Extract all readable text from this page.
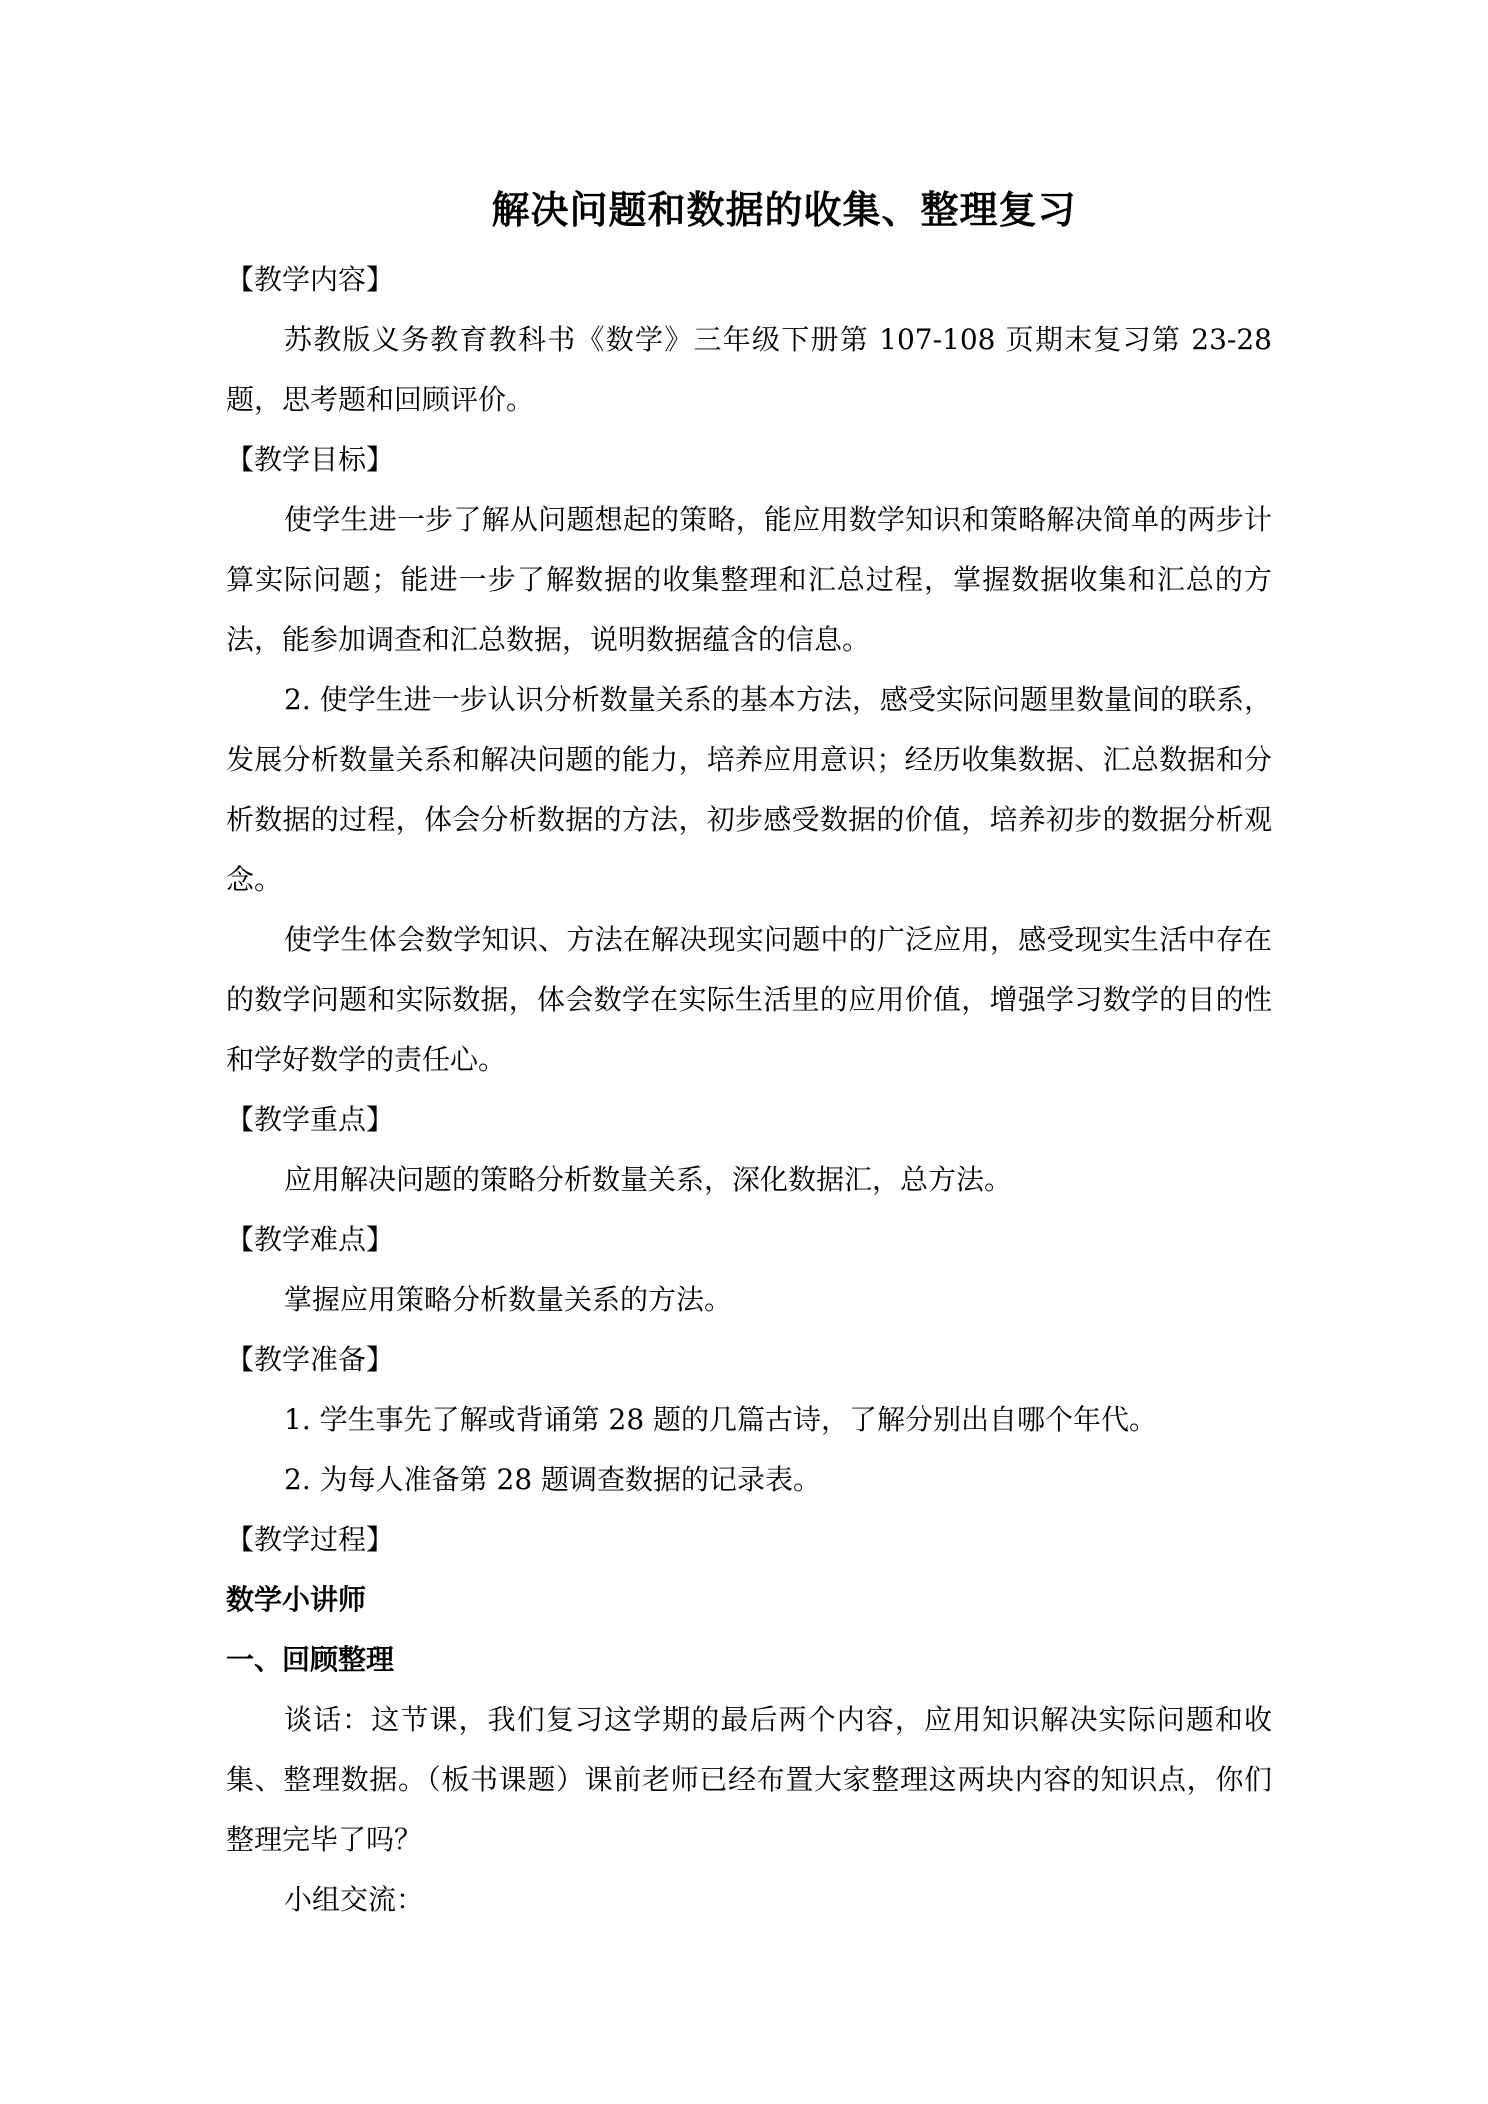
解决问题和数据的收集、整理复习

【教学内容】

苏教版义务教育教科书《数学》三年级下册第 107-108 页期末复习第 23-28 题，思考题和回顾评价。

【教学目标】

使学生进一步了解从问题想起的策略，能应用数学知识和策略解决简单的两步计算实际问题；能进一步了解数据的收集整理和汇总过程，掌握数据收集和汇总的方法，能参加调查和汇总数据，说明数据蕴含的信息。

2. 使学生进一步认识分析数量关系的基本方法，感受实际问题里数量间的联系，发展分析数量关系和解决问题的能力，培养应用意识；经历收集数据、汇总数据和分析数据的过程，体会分析数据的方法，初步感受数据的价值，培养初步的数据分析观念。

使学生体会数学知识、方法在解决现实问题中的广泛应用，感受现实生活中存在的数学问题和实际数据，体会数学在实际生活里的应用价值，增强学习数学的目的性和学好数学的责任心。

【教学重点】

应用解决问题的策略分析数量关系，深化数据汇，总方法。

【教学难点】

掌握应用策略分析数量关系的方法。

【教学准备】

1. 学生事先了解或背诵第 28 题的几篇古诗，了解分别出自哪个年代。

2. 为每人准备第 28 题调查数据的记录表。

【教学过程】

数学小讲师

一、回顾整理

谈话：这节课，我们复习这学期的最后两个内容，应用知识解决实际问题和收集、整理数据。（板书课题）课前老师已经布置大家整理这两块内容的知识点，你们整理完毕了吗？

小组交流：
